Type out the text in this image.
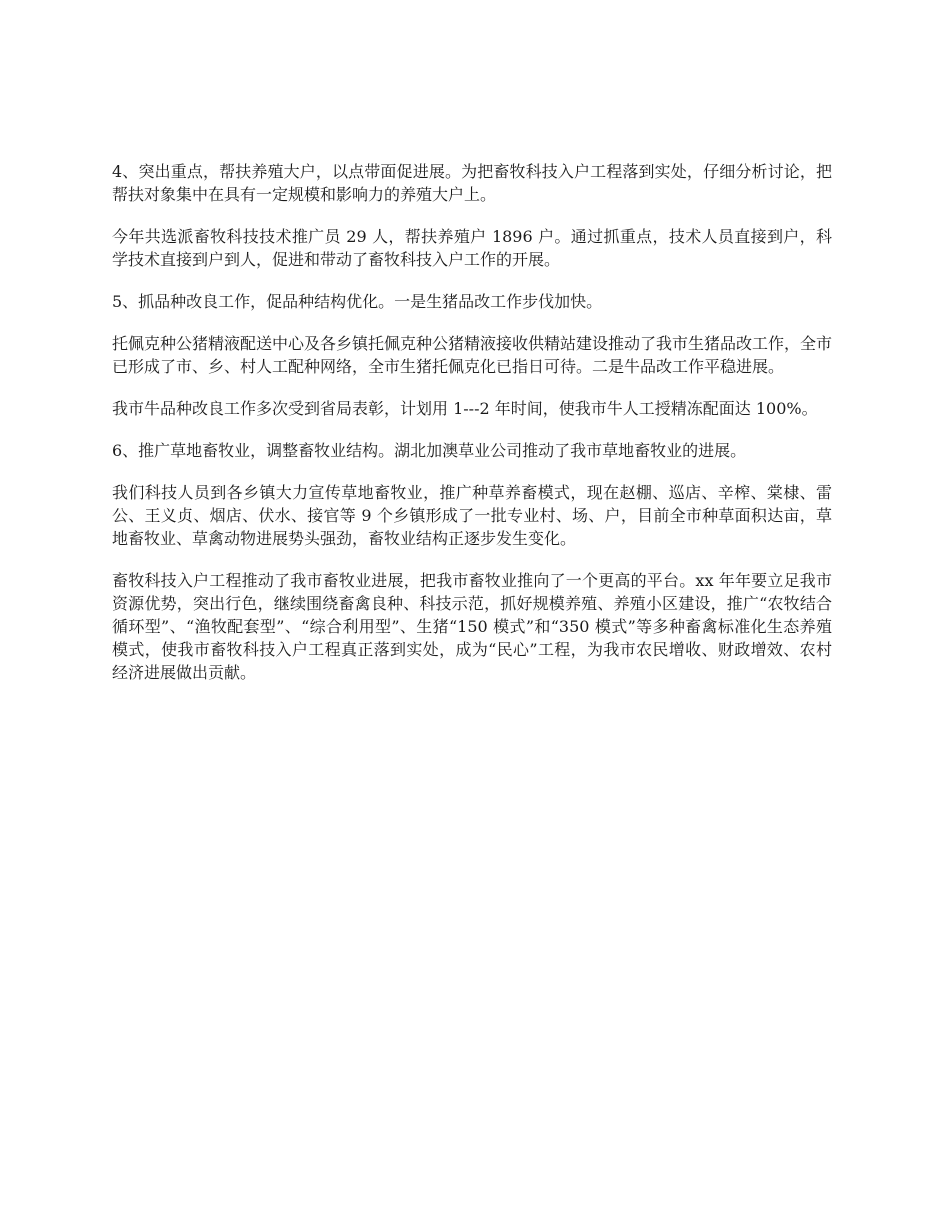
4、突出重点，帮扶养殖大户，以点带面促进展。为把畜牧科技入户工程落到实处，仔细分析讨论，把帮扶对象集中在具有一定规模和影响力的养殖大户上。

今年共选派畜牧科技技术推广员 29 人，帮扶养殖户 1896 户。通过抓重点，技术人员直接到户，科学技术直接到户到人，促进和带动了畜牧科技入户工作的开展。

5、抓品种改良工作，促品种结构优化。一是生猪品改工作步伐加快。

托佩克种公猪精液配送中心及各乡镇托佩克种公猪精液接收供精站建设推动了我市生猪品改工作，全市已形成了市、乡、村人工配种网络，全市生猪托佩克化已指日可待。二是牛品改工作平稳进展。

我市牛品种改良工作多次受到省局表彰，计划用 1---2 年时间，使我市牛人工授精冻配面达 100%。

6、推广草地畜牧业，调整畜牧业结构。湖北加澳草业公司推动了我市草地畜牧业的进展。

我们科技人员到各乡镇大力宣传草地畜牧业，推广种草养畜模式，现在赵棚、巡店、辛榨、棠棣、雷公、王义贞、烟店、伏水、接官等 9 个乡镇形成了一批专业村、场、户，目前全市种草面积达亩，草地畜牧业、草禽动物进展势头强劲，畜牧业结构正逐步发生变化。

畜牧科技入户工程推动了我市畜牧业进展，把我市畜牧业推向了一个更高的平台。xx 年年要立足我市资源优势，突出行色，继续围绕畜禽良种、科技示范，抓好规模养殖、养殖小区建设，推广“农牧结合循环型”、“渔牧配套型”、“综合利用型”、生猪“150 模式”和“350 模式”等多种畜禽标准化生态养殖模式，使我市畜牧科技入户工程真正落到实处，成为“民心”工程，为我市农民增收、财政增效、农村经济进展做出贡献。
